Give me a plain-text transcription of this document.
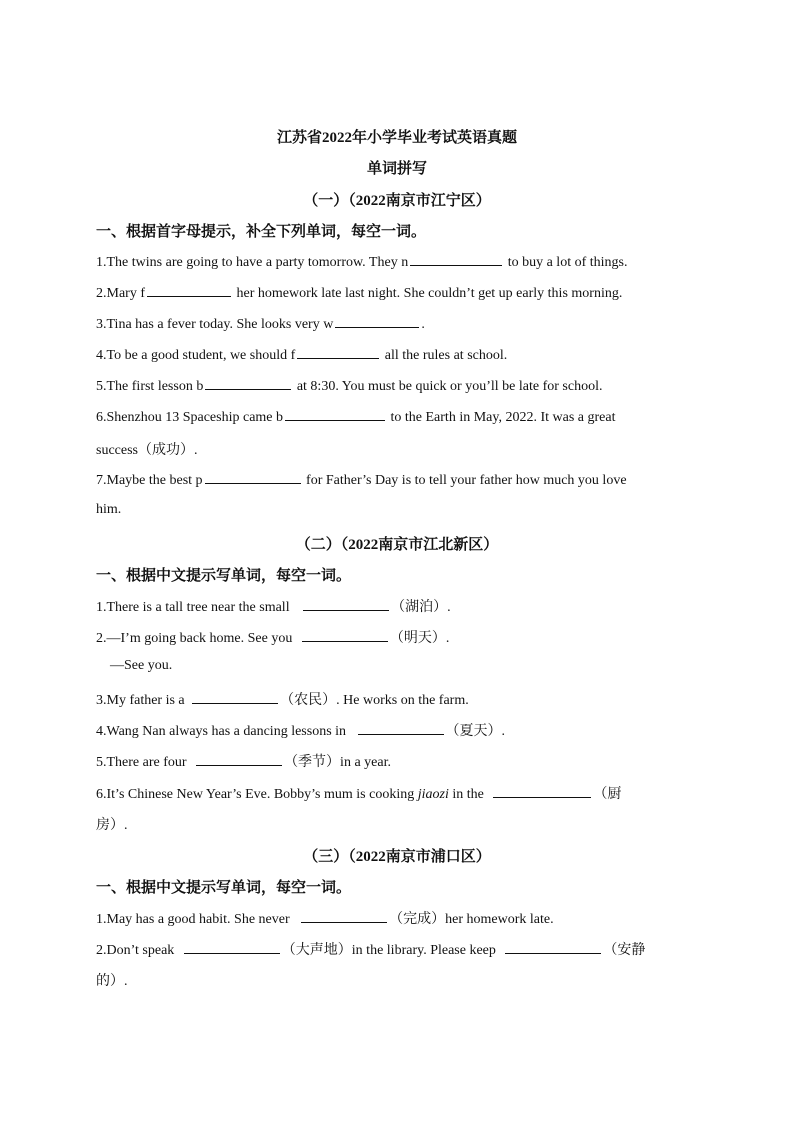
江苏省2022年小学毕业考试英语真题
单词拼写
（一）（2022南京市江宁区）
一、根据首字母提示，补全下列单词，每空一词。
1.The twins are going to have a party tomorrow. They n	to buy a lot of things.
2.Mary f	her homework late last night. She couldn’t get up early this morning.
3.Tina has a fever today. She looks very w	.
4.To be a good student, we should f	all the rules at school.
5.The first lesson b	at 8:30. You must be quick or you’ll be late for school.
6.Shenzhou 13 Spaceship came b	to the Earth in May, 2022. It was a great
success（成功）.
7.Maybe the best p	for Father’s Day is to tell your father how much you love
him.
（二）（2022南京市江北新区）
一、根据中文提示写单词，每空一词。
1.There is a tall tree near the small	（湖泊）.
2.—I’m going back home. See you	（明天）.
—See you.
3.My father is a	（农民）. He works on the farm.
4.Wang Nan always has a dancing lessons in	（夏天）.
5.There are four	（季节）in a year.
6.It’s Chinese New Year’s Eve. Bobby’s mum is cooking jiaozi in the	（厨
房）.
（三）（2022南京市浦口区）
一、根据中文提示写单词，每空一词。
1.May has a good habit. She never	（完成）her homework late.
2.Don’t speak	（大声地）in the library. Please keep	（安静
的）.
